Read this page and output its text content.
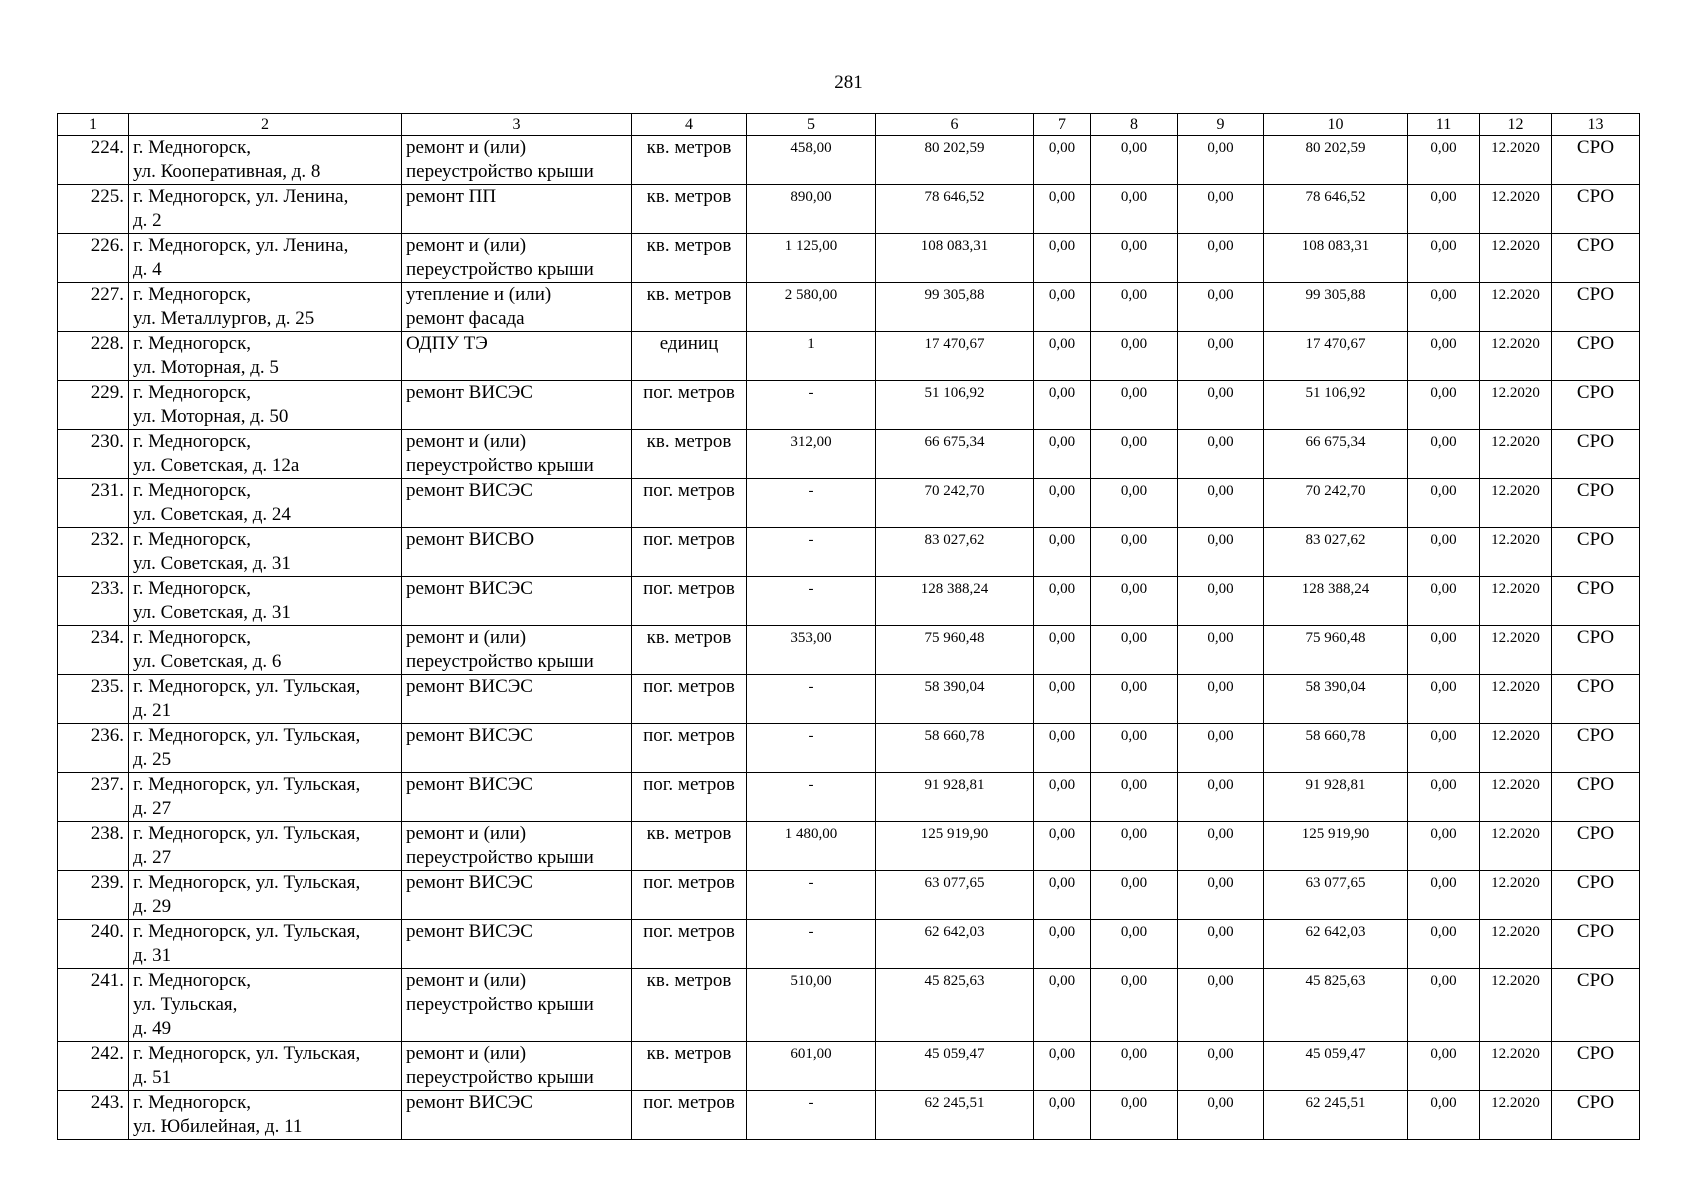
281
1	2	3	4	5	6	7	8	9	10	11	12	13
224.	г. Медногорск,
ул. Кооперативная, д. 8	ремонт и (или)
переустройство крыши	кв. метров	458,00	80 202,59	0,00	0,00	0,00	80 202,59	0,00	12.2020	СРО
225.	г. Медногорск, ул. Ленина,
д. 2	ремонт ПП	кв. метров	890,00	78 646,52	0,00	0,00	0,00	78 646,52	0,00	12.2020	СРО
226.	г. Медногорск, ул. Ленина,
д. 4	ремонт и (или)
переустройство крыши	кв. метров	1 125,00	108 083,31	0,00	0,00	0,00	108 083,31	0,00	12.2020	СРО
227.	г. Медногорск,
ул. Металлургов, д. 25	утепление и (или)
ремонт фасада	кв. метров	2 580,00	99 305,88	0,00	0,00	0,00	99 305,88	0,00	12.2020	СРО
228.	г. Медногорск,
ул. Моторная, д. 5	ОДПУ ТЭ	единиц	1	17 470,67	0,00	0,00	0,00	17 470,67	0,00	12.2020	СРО
229.	г. Медногорск,
ул. Моторная, д. 50	ремонт ВИСЭС	пог. метров	-	51 106,92	0,00	0,00	0,00	51 106,92	0,00	12.2020	СРО
230.	г. Медногорск,
ул. Советская, д. 12а	ремонт и (или)
переустройство крыши	кв. метров	312,00	66 675,34	0,00	0,00	0,00	66 675,34	0,00	12.2020	СРО
231.	г. Медногорск,
ул. Советская, д. 24	ремонт ВИСЭС	пог. метров	-	70 242,70	0,00	0,00	0,00	70 242,70	0,00	12.2020	СРО
232.	г. Медногорск,
ул. Советская, д. 31	ремонт ВИСВО	пог. метров	-	83 027,62	0,00	0,00	0,00	83 027,62	0,00	12.2020	СРО
233.	г. Медногорск,
ул. Советская, д. 31	ремонт ВИСЭС	пог. метров	-	128 388,24	0,00	0,00	0,00	128 388,24	0,00	12.2020	СРО
234.	г. Медногорск,
ул. Советская, д. 6	ремонт и (или)
переустройство крыши	кв. метров	353,00	75 960,48	0,00	0,00	0,00	75 960,48	0,00	12.2020	СРО
235.	г. Медногорск, ул. Тульская,
д. 21	ремонт ВИСЭС	пог. метров	-	58 390,04	0,00	0,00	0,00	58 390,04	0,00	12.2020	СРО
236.	г. Медногорск, ул. Тульская,
д. 25	ремонт ВИСЭС	пог. метров	-	58 660,78	0,00	0,00	0,00	58 660,78	0,00	12.2020	СРО
237.	г. Медногорск, ул. Тульская,
д. 27	ремонт ВИСЭС	пог. метров	-	91 928,81	0,00	0,00	0,00	91 928,81	0,00	12.2020	СРО
238.	г. Медногорск, ул. Тульская,
д. 27	ремонт и (или)
переустройство крыши	кв. метров	1 480,00	125 919,90	0,00	0,00	0,00	125 919,90	0,00	12.2020	СРО
239.	г. Медногорск, ул. Тульская,
д. 29	ремонт ВИСЭС	пог. метров	-	63 077,65	0,00	0,00	0,00	63 077,65	0,00	12.2020	СРО
240.	г. Медногорск, ул. Тульская,
д. 31	ремонт ВИСЭС	пог. метров	-	62 642,03	0,00	0,00	0,00	62 642,03	0,00	12.2020	СРО
241.	г. Медногорск,
ул. Тульская,
д. 49	ремонт и (или)
переустройство крыши	кв. метров	510,00	45 825,63	0,00	0,00	0,00	45 825,63	0,00	12.2020	СРО
242.	г. Медногорск, ул. Тульская,
д. 51	ремонт и (или)
переустройство крыши	кв. метров	601,00	45 059,47	0,00	0,00	0,00	45 059,47	0,00	12.2020	СРО
243.	г. Медногорск,
ул. Юбилейная, д. 11	ремонт ВИСЭС	пог. метров	-	62 245,51	0,00	0,00	0,00	62 245,51	0,00	12.2020	СРО
